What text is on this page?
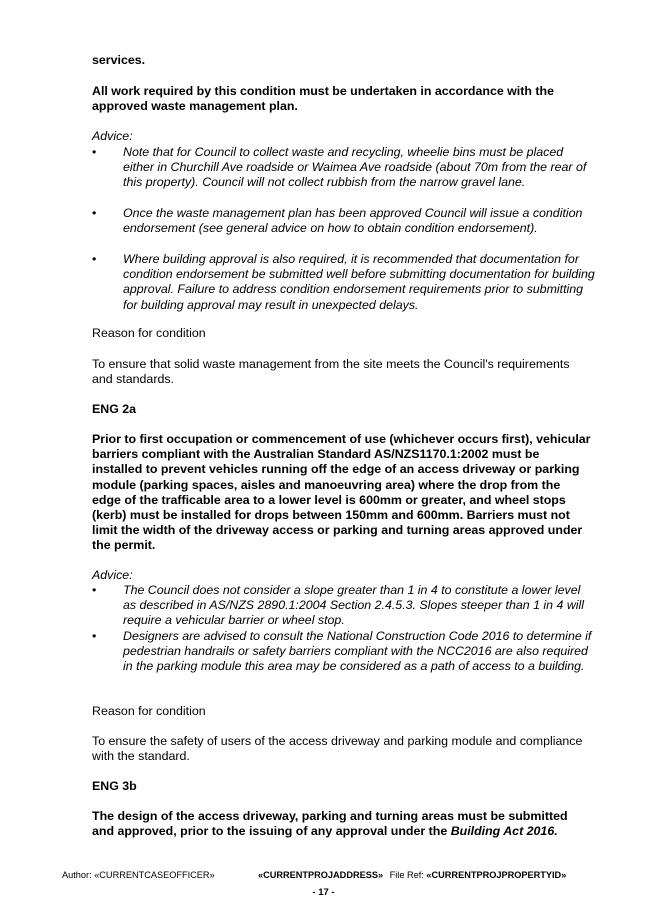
services.

All work required by this condition must be undertaken in accordance with the approved waste management plan.

Advice:

• Note that for Council to collect waste and recycling, wheelie bins must be placed either in Churchill Ave roadside or Waimea Ave roadside (about 70m from the rear of this property). Council will not collect rubbish from the narrow gravel lane.

• Once the waste management plan has been approved Council will issue a condition endorsement (see general advice on how to obtain condition endorsement).

• Where building approval is also required, it is recommended that documentation for condition endorsement be submitted well before submitting documentation for building approval. Failure to address condition endorsement requirements prior to submitting for building approval may result in unexpected delays.

Reason for condition

To ensure that solid waste management from the site meets the Council's requirements and standards.

ENG 2a

Prior to first occupation or commencement of use (whichever occurs first), vehicular barriers compliant with the Australian Standard AS/NZS1170.1:2002 must be installed to prevent vehicles running off the edge of an access driveway or parking module (parking spaces, aisles and manoeuvring area) where the drop from the edge of the trafficable area to a lower level is 600mm or greater, and wheel stops (kerb) must be installed for drops between 150mm and 600mm. Barriers must not limit the width of the driveway access or parking and turning areas approved under the permit.

Advice:

• The Council does not consider a slope greater than 1 in 4 to constitute a lower level as described in AS/NZS 2890.1:2004 Section 2.4.5.3. Slopes steeper than 1 in 4 will require a vehicular barrier or wheel stop.

• Designers are advised to consult the National Construction Code 2016 to determine if pedestrian handrails or safety barriers compliant with the NCC2016 are also required in the parking module this area may be considered as a path of access to a building.

Reason for condition

To ensure the safety of users of the access driveway and parking module and compliance with the standard.

ENG 3b

The design of the access driveway, parking and turning areas must be submitted and approved, prior to the issuing of any approval under the Building Act 2016.

Author: «CURRENTCASEOFFICER»	«CURRENTPROJADDRESS» File Ref: «CURRENTPROJPROPERTYID»
- 17 -
